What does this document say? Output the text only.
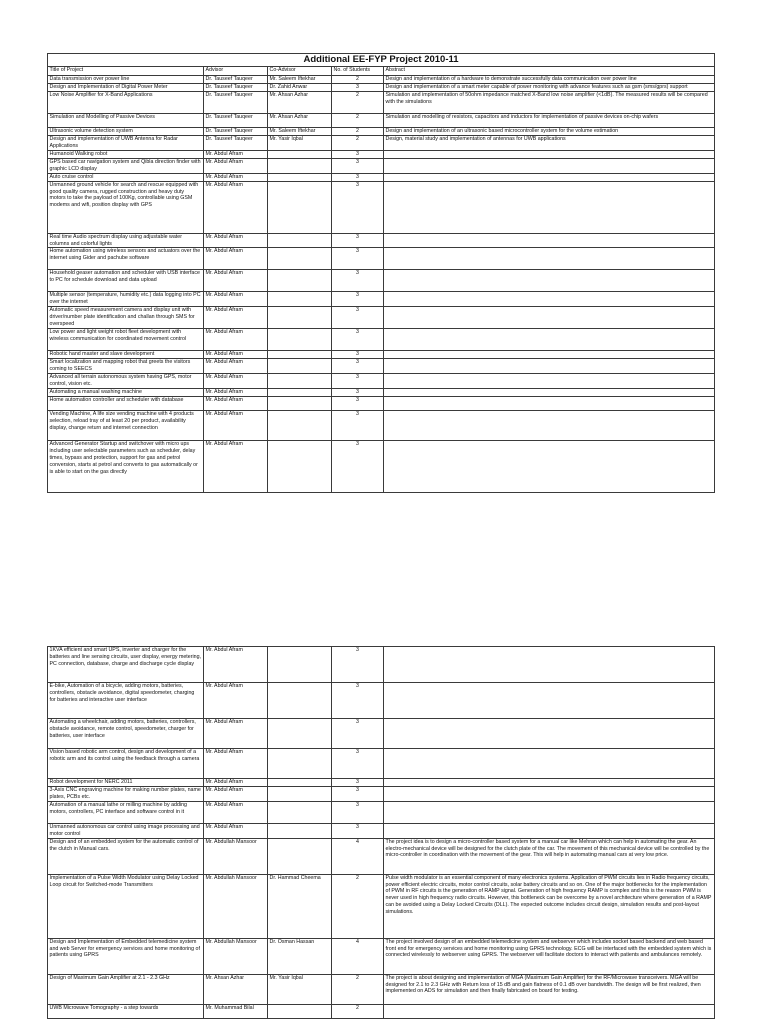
Additional EE-FYP Project 2010-11				
Title of Project	Advisor	Co-Advisor	No. of Students	Abstract
Data transmission over power line	Dr. Tauseef Tauqeer	Mr. Saleem Iftekhar	2	Design and implementation of a hardware to demonstrate successfully data communication over power line
Design and Implementation of Digital Power Meter	Dr. Tauseef Tauqeer	Dr. Zahid Anwar	3	Design and implementation of a smart meter capable of power monitoring with advance features such as gsm (sms/gprs) support
Low Noise Amplifier for X-Band Applications	Dr. Tauseef Tauqeer	Mr. Ahsan Azhar	2	Simulation and implementation of 50ohm impedance matched X-Band low noise amplifier (<1dB). The measured results will be compared with the simulations
Simulation and Modelling of Passive Devices	Dr. Tauseef Tauqeer	Mr. Ahsan Azhar	2	Simulation and modelling of resistors, capacitors and inductors for implementation of passive devices on-chip wafers
Ultrasonic volume detection system	Dr. Tauseef Tauqeer	Mr. Saleem Iftekhar	2	Design and implementation of an ultrasonic based microcontroller system for the volume estimation
Design and implementation of UWB Antenna for Radar Applications	Dr. Tauseef Tauqeer	Mr. Yasir Iqbal	2	Design, material study and implementation of antennas for UWB applications
Humanoid Walking robot	Mr. Abdul Afram		3	
GPS based car navigation system and Qibla direction finder with graphic LCD display	Mr. Abdul Afram		3	
Auto cruise control	Mr. Abdul Afram		3	
Unmanned ground vehicle for search and rescue equipped with good quality camera, rugged construction and heavy duty motors to take the payload of 100Kg, controllable using GSM modems and wifi, position display with GPS	Mr. Abdul Afram		3	
Real time Audio spectrum display using adjustable water columns and colorful lights	Mr. Abdul Afram		3	
Home automation using wireless sensors and actuators over the internet using Gider and pachube software	Mr. Abdul Afram		3	
Household geaser automation and scheduler with USB interface to PC for schedule download and data upload	Mr. Abdul Afram		3	
Multiple sensor (temperature, humidity etc.) data logging into PC over the internet	Mr. Abdul Afram		3	
Automatic speed measurement camera and display unit with driver/number plate identification and challan through SMS for overspeed	Mr. Abdul Afram		3	
Low power and light weight robot fleet development with wireless communication for coordinated movement control	Mr. Abdul Afram		3	
Robotic hand master and slave development	Mr. Abdul Afram		3	
Smart localization and mapping robot that greets the visitors coming to SEECS	Mr. Abdul Afram		3	
Advanced all terrain autonomous system having GPS, motor control, vision etc.	Mr. Abdul Afram		3	
Automating a manual washing machine	Mr. Abdul Afram		3	
Home automation controller and scheduler with database	Mr. Abdul Afram		3	
Vending Machine, A life size vending machine with 4 products selection, reload tray of at least 20 per product, availability display, change return and internet connection	Mr. Abdul Afram		3	
Advanced Generator Startup and switchover with micro ups including user selectable parameters such as scheduler, delay times, bypass and protection, support for gas and petrol conversion, starts at petrol and converts to gas automatically or is able to start on the gas directly	Mr. Abdul Afram		3	
1KVA efficient and smart UPS, inverter and charger for the batteries and line sensing circuits, user display, energy metering, PC connection, database, charge and discharge cycle display	Mr. Abdul Afram		3	
E-bike, Automation of a bicycle, adding motors, batteries, controllers, obstacle avoidance, digital speedometer, charging for batteries and interactive user interface	Mr. Abdul Afram		3	
Automating a wheelchair, adding motors, batteries, controllers, obstacle avoidance, remote control, speedometer, charger for batteries, user interface	Mr. Abdul Afram		3	
Vision based robotic arm control, design and development of a robotic arm and its control using the feedback through a camera	Mr. Abdul Afram		3	
Robot development for NERC 2011	Mr. Abdul Afram		3	
3-Axis CNC engraving machine for making number plates, name plates, PCBs etc.	Mr. Abdul Afram		3	
Automation of a manual lathe or milling machine by adding motors, controllers, PC interface and software control in it	Mr. Abdul Afram		3	
Unmanned autonomous car control using image processing and motor control	Mr. Abdul Afram		3	
Design and of an embedded system for the automatic control of the clutch in Manual cars.	Mr. Abdullah Mansoor		4	The project idea is to design a micro-controller based system for a manual car like Mehran which can help in automating the gear. An electro-mechanical device will be designed for the clutch plate of the car. The movement of this mechanical device will be controlled by the micro-controller in coordination with the movement of the gear. This will help in automating manual cars at very low price.
Implementation of a Pulse Width Modulator using Delay Locked Loop circuit for Switched-mode Transmitters	Mr. Abdullah Mansoor	Dr. Hammad Cheema	2	Pulse width modulator is an essential component of many electronics systems. Application of PWM circuits lies in Radio frequency circuits, power efficient electric circuits, motor control circuits, solar battery circuits and so on. One of the major bottlenecks for the implementation of PWM in RF circuits is the generation of RAMP signal. Generation of high frequency RAMP is complex and this is the reason PWM is never used in high frequency radio circuits. However, this bottleneck can be overcome by a novel architecture where generation of a RAMP can be avoided using a Delay Locked Circuits (DLL). The expected outcome includes circuit design, simulation results and post-layout simulations.
Design and Implementation of Embedded telemedicine system and web Server for emergency services and home monitoring of patients using GPRS	Mr. Abdullah Mansoor	Dr. Osman Hassan	4	The project involved design of an embedded telemedicine system and webserver which includes socket based backend and web based front end for emergency services and home monitoring using GPRS technology. ECG will be interfaced with the embedded system which is connected wirelessly to webserver using GPRS. The webserver will facilitate doctors to interact with patients and ambulances remotely.
Design of Maximum Gain Amplifier at 2.1 - 2.3 GHz	Mr. Ahsan Azhar	Mr. Yasir Iqbal	2	The project is about designing and implementation of MGA (Maximum Gain Amplifier) for the RF/Microwave transceivers. MGA will be designed for 2.1 to 2.3 GHz with Return loss of 15 dB and gain flatness of 0.1 dB over bandwidth. The design will be first realized, then implemented on ADS for simulation and then finally fabricated on board for testing.
UWB Microwave Tomography - a step towards	Mr. Muhammad Bilal		2	
